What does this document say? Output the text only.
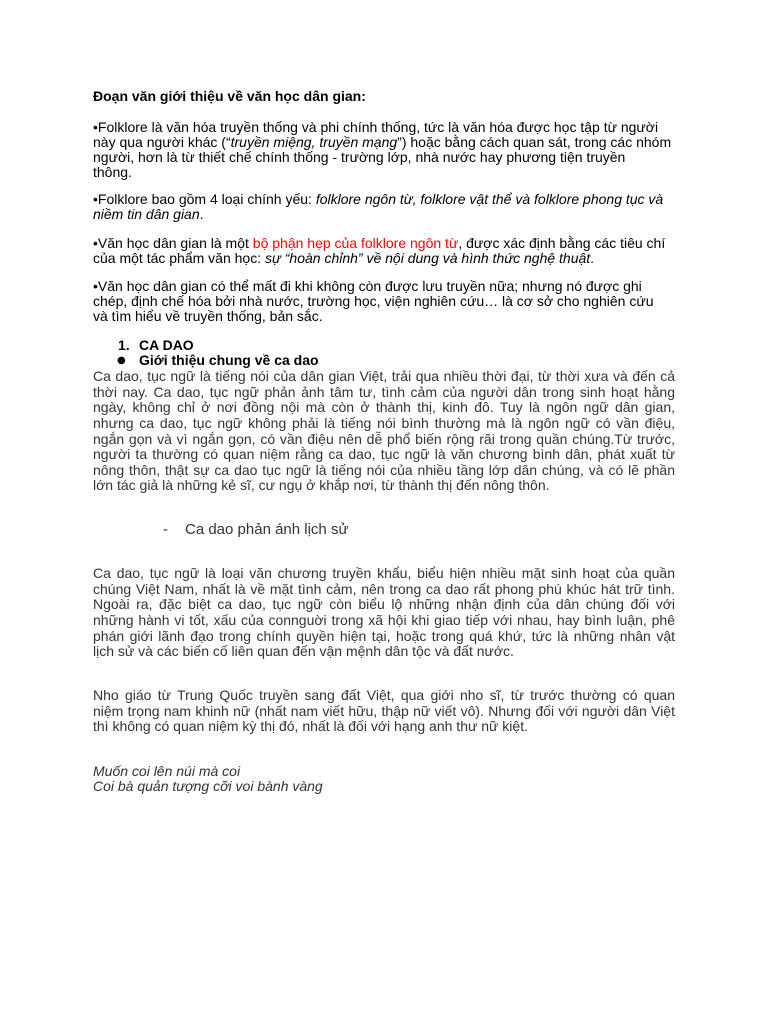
Đoạn văn giới thiệu về văn học dân gian:
•Folklore là văn hóa truyền thống và phi chính thống, tức là văn hóa được học tập từ người
này qua người khác (“truyền miệng, truyền mạng”) hoặc bằng cách quan sát, trong các nhóm
người, hơn là từ thiết chế chính thống - trường lớp, nhà nước hay phương tiện truyền
thông.
•Folklore bao gồm 4 loại chính yếu: folklore ngôn từ, folklore vật thể và folklore phong tục và
niềm tin dân gian.
•Văn học dân gian là một bộ phận hẹp của folklore ngôn từ, được xác định bằng các tiêu chí
của một tác phẩm văn học: sự “hoàn chỉnh” về nội dung và hình thức nghệ thuật.
•Văn học dân gian có thể mất đi khi không còn được lưu truyền nữa; nhưng nó được ghi
chép, định chế hóa bởi nhà nước, trường học, viện nghiên cứu… là cơ sở cho nghiên cứu
và tìm hiểu về truyền thống, bản sắc.
1. CA DAO
● Giới thiệu chung về ca dao
Ca dao, tục ngữ là tiếng nói của dân gian Việt, trải qua nhiều thời đại, từ thời xưa và đến cả
thời nay. Ca dao, tục ngữ phản ảnh tâm tư, tình cảm của người dân trong sinh hoạt hằng
ngày, không chỉ ở nơi đồng nội mà còn ở thành thị, kinh đô. Tuy là ngôn ngữ dân gian,
nhưng ca dao, tục ngữ không phải là tiếng nói bình thường mà là ngôn ngữ có vần điệu,
ngắn gọn và vì ngắn gọn, có vần điệu nên dễ phổ biến rộng rãi trong quần chúng.Từ trước,
người ta thường có quan niệm rằng ca dao, tục ngữ là văn chương bình dân, phát xuất từ
nông thôn, thật sự ca dao tục ngữ là tiếng nói của nhiều tầng lớp dân chúng, và có lẽ phần
lớn tác giả là những kẻ sĩ, cư ngụ ở khắp nơi, từ thành thị đến nông thôn.
- Ca dao phản ánh lịch sử
Ca dao, tục ngữ là loại văn chương truyền khẩu, biểu hiện nhiều mặt sinh hoạt của quần
chúng Việt Nam, nhất là về mặt tình cảm, nên trong ca dao rất phong phú khúc hát trữ tình.
Ngoài ra, đặc biệt ca dao, tục ngữ còn biểu lộ những nhận định của dân chúng đối với
những hành vi tốt, xấu của connguời trong xã hội khi giao tiếp với nhau, hay bình luận, phê
phán giới lãnh đạo trong chính quyền hiện tại, hoặc trong quá khứ, tức là những nhân vật
lịch sử và các biến cố liên quan đến vận mệnh dân tộc và đất nước.
Nho giáo từ Trung Quốc truyền sang đất Việt, qua giới nho sĩ, từ trước thường có quan
niệm trọng nam khinh nữ (nhất nam viết hữu, thập nữ viết vô). Nhưng đối với người dân Việt
thì không có quan niệm kỳ thị đó, nhất là đối với hạng anh thư nữ kiệt.
Muốn coi lên núi mà coi
Coi bà quản tượng cỡi voi bành vàng
